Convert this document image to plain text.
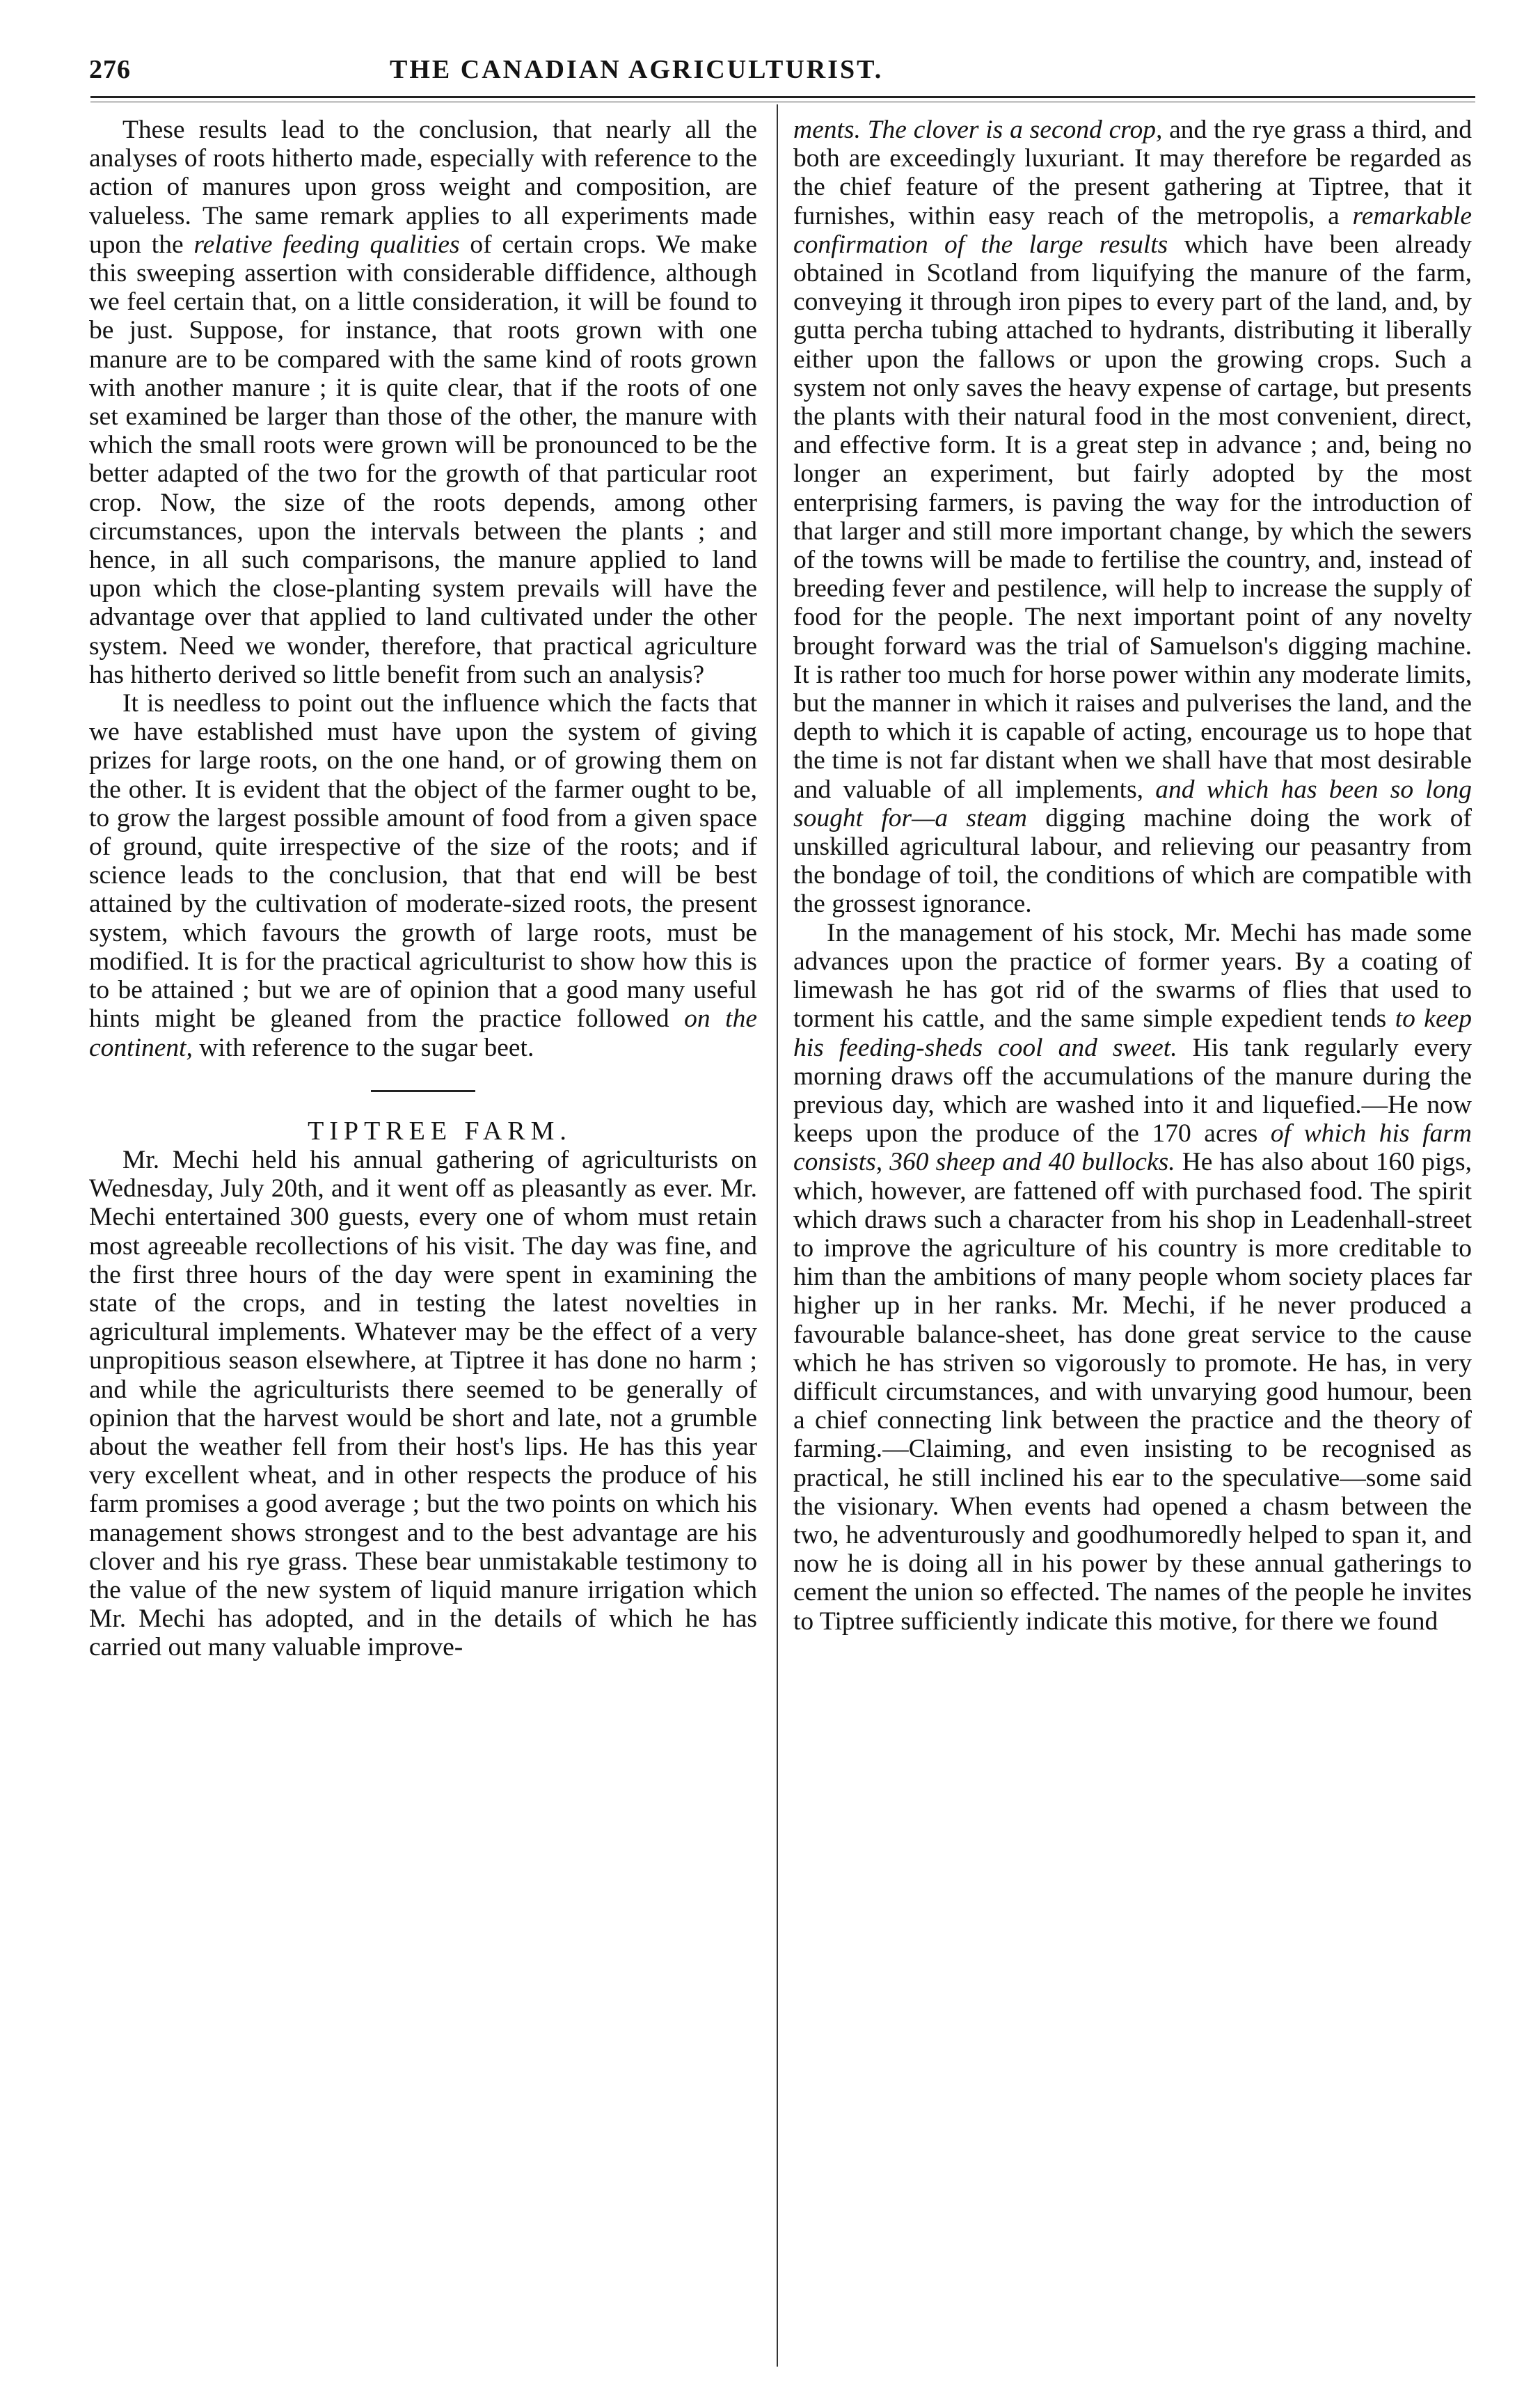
276	THE CANADIAN AGRICULTURIST.

These results lead to the conclusion, that nearly all the analyses of roots hitherto made, especially with reference to the action of manures upon gross weight and composition, are valueless. The same remark applies to all experiments made upon the relative feeding qualities of certain crops. We make this sweeping assertion with considerable diffidence, although we feel certain that, on a little consideration, it will be found to be just. Suppose, for instance, that roots grown with one manure are to be compared with the same kind of roots grown with another manure ; it is quite clear, that if the roots of one set examined be larger than those of the other, the manure with which the small roots were grown will be pronounced to be the better adapted of the two for the growth of that particular root crop. Now, the size of the roots depends, among other circumstances, upon the intervals between the plants ; and hence, in all such comparisons, the manure applied to land upon which the close-planting system prevails will have the advantage over that applied to land cultivated under the other system. Need we wonder, therefore, that practical agriculture has hitherto derived so little benefit from such an analysis?

It is needless to point out the influence which the facts that we have established must have upon the system of giving prizes for large roots, on the one hand, or of growing them on the other. It is evident that the object of the farmer ought to be, to grow the largest possible amount of food from a given space of ground, quite irrespective of the size of the roots; and if science leads to the conclusion, that that end will be best attained by the cultivation of moderate-sized roots, the present system, which favours the growth of large roots, must be modified. It is for the practical agriculturist to show how this is to be attained ; but we are of opinion that a good many useful hints might be gleaned from the practice followed on the continent, with reference to the sugar beet.

TIPTREE FARM.

Mr. Mechi held his annual gathering of agriculturists on Wednesday, July 20th, and it went off as pleasantly as ever. Mr. Mechi entertained 300 guests, every one of whom must retain most agreeable recollections of his visit. The day was fine, and the first three hours of the day were spent in examining the state of the crops, and in testing the latest novelties in agricultural implements. Whatever may be the effect of a very unpropitious season elsewhere, at Tiptree it has done no harm ; and while the agriculturists there seemed to be generally of opinion that the harvest would be short and late, not a grumble about the weather fell from their host's lips. He has this year very excellent wheat, and in other respects the produce of his farm promises a good average ; but the two points on which his management shows strongest and to the best advantage are his clover and his rye grass. These bear unmistakable testimony to the value of the new system of liquid manure irrigation which Mr. Mechi has adopted, and in the details of which he has carried out many valuable improve-

ments. The clover is a second crop, and the rye grass a third, and both are exceedingly luxuriant. It may therefore be regarded as the chief feature of the present gathering at Tiptree, that it furnishes, within easy reach of the metropolis, a remarkable confirmation of the large results which have been already obtained in Scotland from liquifying the manure of the farm, conveying it through iron pipes to every part of the land, and, by gutta percha tubing attached to hydrants, distributing it liberally either upon the fallows or upon the growing crops. Such a system not only saves the heavy expense of cartage, but presents the plants with their natural food in the most convenient, direct, and effective form. It is a great step in advance ; and, being no longer an experiment, but fairly adopted by the most enterprising farmers, is paving the way for the introduction of that larger and still more important change, by which the sewers of the towns will be made to fertilise the country, and, instead of breeding fever and pestilence, will help to increase the supply of food for the people. The next important point of any novelty brought forward was the trial of Samuelson's digging machine. It is rather too much for horse power within any moderate limits, but the manner in which it raises and pulverises the land, and the depth to which it is capable of acting, encourage us to hope that the time is not far distant when we shall have that most desirable and valuable of all implements, and which has been so long sought for—a steam digging machine doing the work of unskilled agricultural labour, and relieving our peasantry from the bondage of toil, the conditions of which are compatible with the grossest ignorance.

In the management of his stock, Mr. Mechi has made some advances upon the practice of former years. By a coating of limewash he has got rid of the swarms of flies that used to torment his cattle, and the same simple expedient tends to keep his feeding-sheds cool and sweet. His tank regularly every morning draws off the accumulations of the manure during the previous day, which are washed into it and liquefied.—He now keeps upon the produce of the 170 acres of which his farm consists, 360 sheep and 40 bullocks. He has also about 160 pigs, which, however, are fattened off with purchased food. The spirit which draws such a character from his shop in Leadenhall-street to improve the agriculture of his country is more creditable to him than the ambitions of many people whom society places far higher up in her ranks. Mr. Mechi, if he never produced a favourable balance-sheet, has done great service to the cause which he has striven so vigorously to promote. He has, in very difficult circumstances, and with unvarying good humour, been a chief connecting link between the practice and the theory of farming.—Claiming, and even insisting to be recognised as practical, he still inclined his ear to the speculative—some said the visionary. When events had opened a chasm between the two, he adventurously and goodhumoredly helped to span it, and now he is doing all in his power by these annual gatherings to cement the union so effected. The names of the people he invites to Tiptree sufficiently indicate this motive, for there we found
